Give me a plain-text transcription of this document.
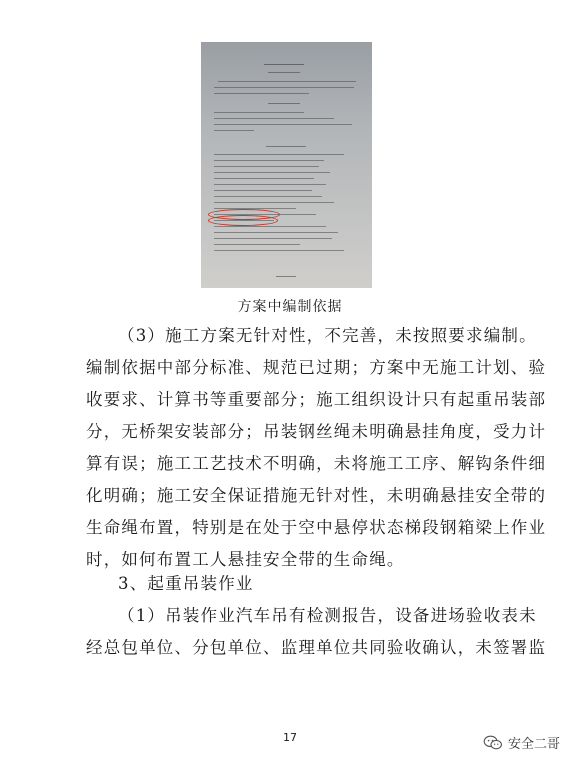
方案中编制依据
（3）施工方案无针对性，不完善，未按照要求编制。
编制依据中部分标准、规范已过期；方案中无施工计划、验
收要求、计算书等重要部分；施工组织设计只有起重吊装部
分，无桥架安装部分；吊装钢丝绳未明确悬挂角度，受力计
算有误；施工工艺技术不明确，未将施工工序、解钩条件细
化明确；施工安全保证措施无针对性，未明确悬挂安全带的
生命绳布置，特别是在处于空中悬停状态梯段钢箱梁上作业
时，如何布置工人悬挂安全带的生命绳。
3、起重吊装作业
（1）吊装作业汽车吊有检测报告，设备进场验收表未
经总包单位、分包单位、监理单位共同验收确认，未签署监
17	安全二哥
